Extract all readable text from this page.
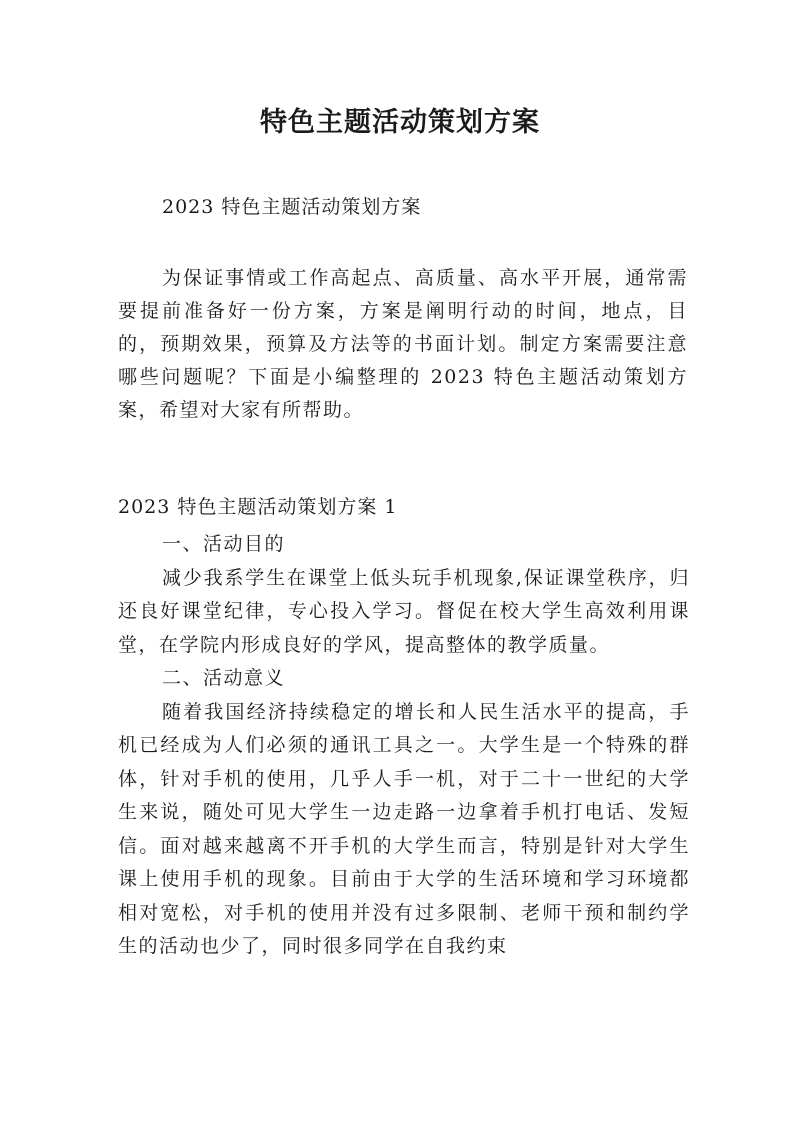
特色主题活动策划方案

2023 特色主题活动策划方案

为保证事情或工作高起点、高质量、高水平开展，通常需要提前准备好一份方案，方案是阐明行动的时间，地点，目的，预期效果，预算及方法等的书面计划。制定方案需要注意哪些问题呢？下面是小编整理的 2023 特色主题活动策划方案，希望对大家有所帮助。

2023 特色主题活动策划方案 1

一、活动目的

减少我系学生在课堂上低头玩手机现象,保证课堂秩序，归还良好课堂纪律，专心投入学习。督促在校大学生高效利用课堂，在学院内形成良好的学风，提高整体的教学质量。

二、活动意义

随着我国经济持续稳定的增长和人民生活水平的提高，手机已经成为人们必须的通讯工具之一。大学生是一个特殊的群体，针对手机的使用，几乎人手一机，对于二十一世纪的大学生来说，随处可见大学生一边走路一边拿着手机打电话、发短信。面对越来越离不开手机的大学生而言，特别是针对大学生课上使用手机的现象。目前由于大学的生活环境和学习环境都相对宽松，对手机的使用并没有过多限制、老师干预和制约学生的活动也少了，同时很多同学在自我约束
